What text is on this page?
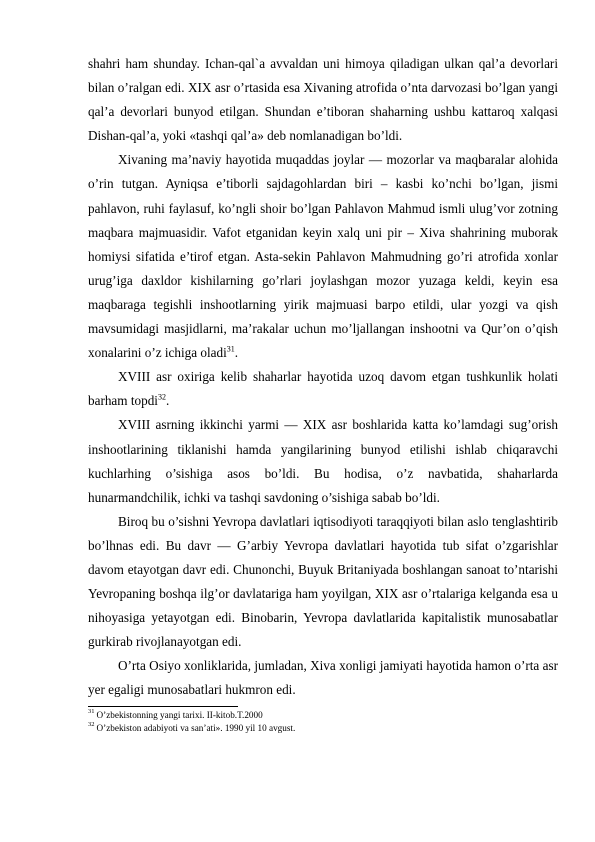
shahri ham shunday. Ichan-qal`a avvaldan uni himoya qiladigan ulkan qal’a devorlari bilan o’ralgan edi. XIX asr o’rtasida esa Xivaning atrofida o’nta darvozasi bo’lgan yangi qal’a devorlari bunyod etilgan. Shundan e’tiboran shaharning ushbu kattaroq xalqasi Dishan-qal’a, yoki «tashqi qal’a» deb nomlanadigan bo’ldi.

Xivaning ma’naviy hayotida muqaddas joylar — mozorlar va maqbaralar alohida o’rin tutgan. Ayniqsa e’tiborli sajdagohlardan biri – kasbi ko’nchi bo’lgan, jismi pahlavon, ruhi faylasuf, ko’ngli shoir bo’lgan Pahlavon Mahmud ismli ulug’vor zotning maqbara majmuasidir. Vafot etganidan keyin xalq uni pir – Xiva shahrining muborak homiysi sifatida e’tirof etgan. Asta-sekin Pahlavon Mahmudning go’ri atrofida xonlar urug’iga daxldor kishilarning go’rlari joylashgan mozor yuzaga keldi, keyin esa maqbaraga tegishli inshootlarning yirik majmuasi barpo etildi, ular yozgi va qish mavsumidagi masjidlarni, ma’rakalar uchun mo’ljallangan inshootni va Qur’on o’qish xonalarini o’z ichiga oladi$^{31}$.

XVIII asr oxiriga kelib shaharlar hayotida uzoq davom etgan tushkunlik holati barham topdi$^{32}$.

XVIII asrning ikkinchi yarmi — XIX asr boshlarida katta ko’lamdagi sug’orish inshootlarining tiklanishi hamda yangilarining bunyod etilishi ishlab chiqaravchi kuchlarhing o’sishiga asos bo’ldi. Bu hodisa, o’z navbatida, shaharlarda hunarmandchilik, ichki va tashqi savdoning o’sishiga sabab bo’ldi.

Biroq bu o’sishni Yevropa davlatlari iqtisodiyoti taraqqiyoti bilan aslo tenglashtirib bo’lhnas edi. Bu davr — G’arbiy Yevropa davlatlari hayotida tub sifat o’zgarishlar davom etayotgan davr edi. Chunonchi, Buyuk Britaniyada boshlangan sanoat to’ntarishi Yevropaning boshqa ilg’or davlatariga ham yoyilgan, XIX asr o’rtalariga kelganda esa u nihoyasiga yetayotgan edi. Binobarin, Yevropa davlatlarida kapitalistik munosabatlar gurkirab rivojlanayotgan edi.

O’rta Osiyo xonliklarida, jumladan, Xiva xonligi jamiyati hayotida hamon o’rta asr yer egaligi munosabatlari hukmron edi.

$^{31}$ O’zbekistonning yangi tarixi. II-kitob.T.2000

$^{32}$ O’zbekiston adabiyoti va san’ati». 1990 yil 10 avgust.
